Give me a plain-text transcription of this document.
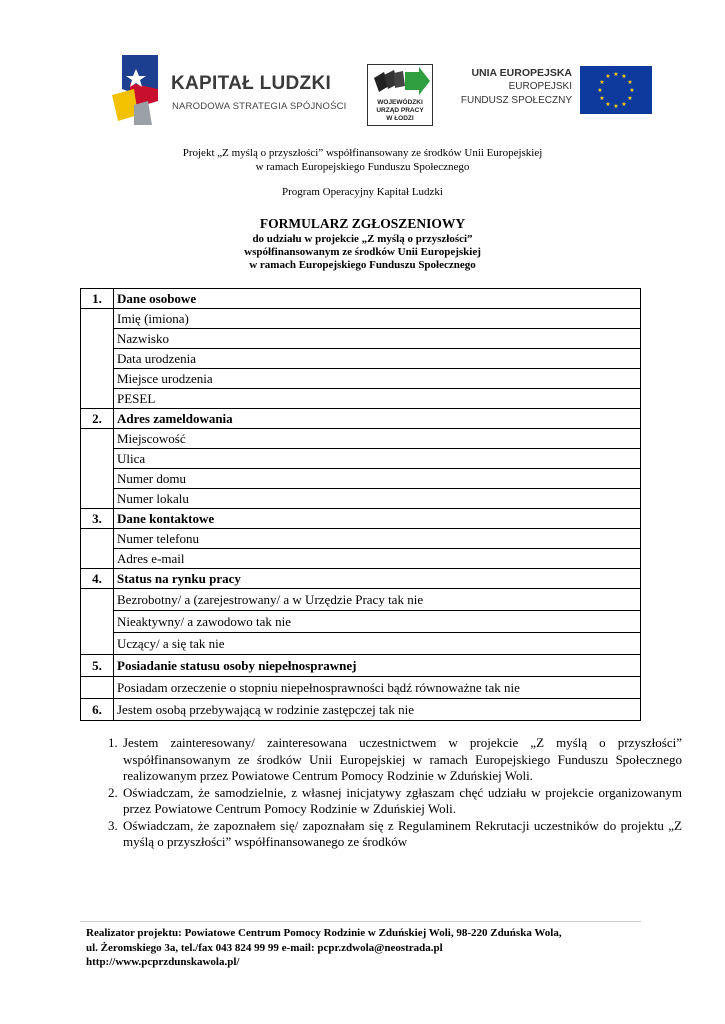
KAPITAŁ LUDZKI
NARODOWA STRATEGIA SPÓJNOŚCI	WOJEWÓDZKI
URZĄD PRACY
W ŁODZI
UNIA EUROPEJSKA
EUROPEJSKI
FUNDUSZ SPOŁECZNY
★ ★
★
★
★
★
★
★
★
★
★
★
Projekt „Z myślą o przyszłości” współfinansowany ze środków Unii Europejskiej
w ramach Europejskiego Funduszu Społecznego
Program Operacyjny Kapitał Ludzki
FORMULARZ ZGŁOSZENIOWY
do udziału w projekcie „Z myślą o przyszłości”
współfinansowanym ze środków Unii Europejskiej
w ramach Europejskiego Funduszu Społecznego
1.	Dane osobowe
	Imię (imiona)
	Nazwisko
	Data urodzenia
	Miejsce urodzenia
	PESEL
2.	Adres zameldowania
	Miejscowość
	Ulica
	Numer domu
	Numer lokalu
3.	Dane kontaktowe
	Numer telefonu
	Adres e-mail
4.	Status na rynku pracy
	Bezrobotny/ a (zarejestrowany/ a w Urzędzie Pracy tak nie
	Nieaktywny/ a zawodowo tak nie
	Uczący/ a się tak nie
5.	Posiadanie statusu osoby niepełnosprawnej
	Posiadam orzeczenie o stopniu niepełnosprawności bądź równoważne tak nie
6.	Jestem osobą przebywającą w rodzinie zastępczej tak nie
1. Jestem zainteresowany/ zainteresowana uczestnictwem w projekcie „Z myślą o przyszłości” współfinansowanym ze środków Unii Europejskiej w ramach Europejskiego Funduszu Społecznego realizowanym przez Powiatowe Centrum Pomocy Rodzinie w Zduńskiej Woli.
2. Oświadczam, że samodzielnie, z własnej inicjatywy zgłaszam chęć udziału w projekcie organizowanym przez Powiatowe Centrum Pomocy Rodzinie w Zduńskiej Woli.
3. Oświadczam, że zapoznałem się/ zapoznałam się z Regulaminem Rekrutacji uczestników do projektu „Z myślą o przyszłości” współfinansowanego ze środków
Realizator projektu: Powiatowe Centrum Pomocy Rodzinie w Zduńskiej Woli, 98-220 Zduńska Wola,
ul. Żeromskiego 3a, tel./fax 043 824 99 99 e-mail: pcpr.zdwola@neostrada.pl
http://www.pcprzdunskawola.pl/
